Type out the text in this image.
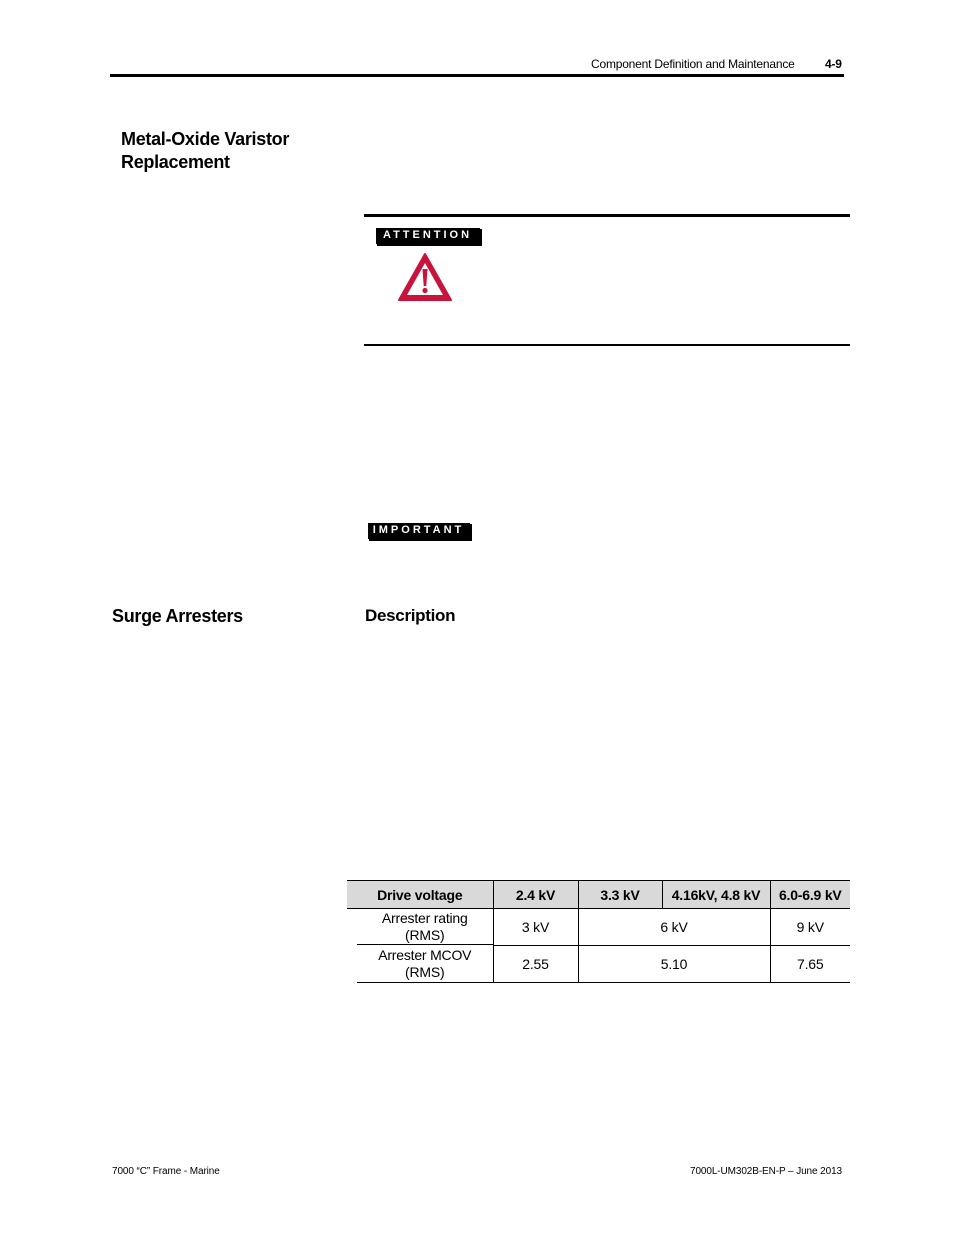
Component Definition and Maintenance	4-9
Metal-Oxide Varistor
Replacement
ATTENTION
IMPORTANT
Surge Arresters	Description
Drive voltage	2.4 kV	3.3 kV	4.16kV, 4.8 kV	6.0-6.9 kV

Arrester rating
(RMS)	3 kV	6 kV		9 kV

Arrester MCOV
(RMS)	2.55	5.10		7.65
7000 “C” Frame - Marine	7000L-UM302B-EN-P – June 2013
